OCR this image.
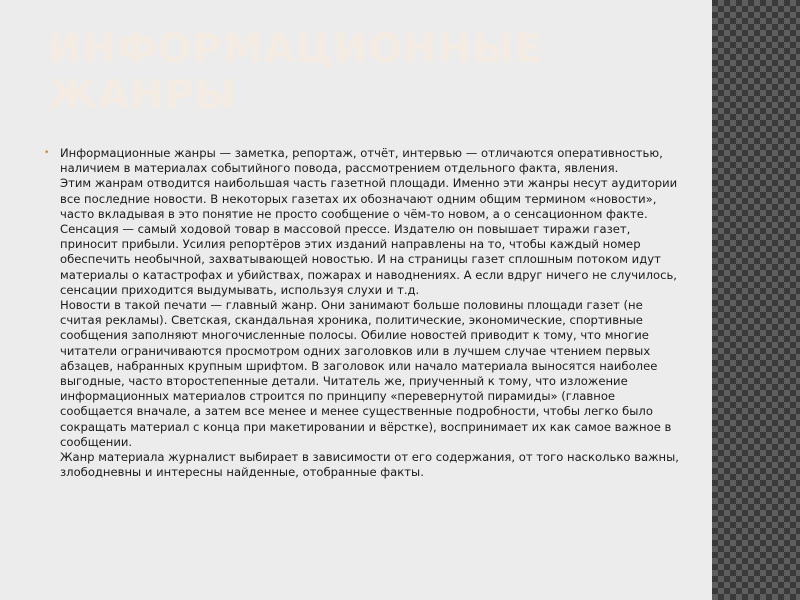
ИНФОРМАЦИОННЫЕ
ЖАНРЫ
• Информационные жанры — заметка, репортаж, отчёт, интервью — отличаются оперативностью, наличием в материалах событийного повода, рассмотрением отдельного факта, явления.
Этим жанрам отводится наибольшая часть газетной площади. Именно эти жанры несут аудитории все последние новости. В некоторых газетах их обозначают одним общим термином «новости», часто вкладывая в это понятие не просто сообщение о чём-то новом, а о сенсационном факте.
Сенсация — самый ходовой товар в массовой прессе. Издателю он повышает тиражи газет, приносит прибыли. Усилия репортёров этих изданий направлены на то, чтобы каждый номер обеспечить необычной, захватывающей новостью. И на страницы газет сплошным потоком идут материалы о катастрофах и убийствах, пожарах и наводнениях. А если вдруг ничего не случилось, сенсации приходится выдумывать, используя слухи и т.д.
Новости в такой печати — главный жанр. Они занимают больше половины площади газет (не считая рекламы). Светская, скандальная хроника, политические, экономические, спортивные сообщения заполняют многочисленные полосы. Обилие новостей приводит к тому, что многие читатели ограничиваются просмотром одних заголовков или в лучшем случае чтением первых абзацев, набранных крупным шрифтом. В заголовок или начало материала выносятся наиболее выгодные, часто второстепенные детали. Читатель же, приученный к тому, что изложение информационных материалов строится по принципу «перевернутой пирамиды» (главное сообщается вначале, а затем все менее и менее существенные подробности, чтобы легко было сокращать материал с конца при макетировании и вёрстке), воспринимает их как самое важное в сообщении.
Жанр материала журналист выбирает в зависимости от его содержания, от того насколько важны, злободневны и интересны найденные, отобранные факты.
